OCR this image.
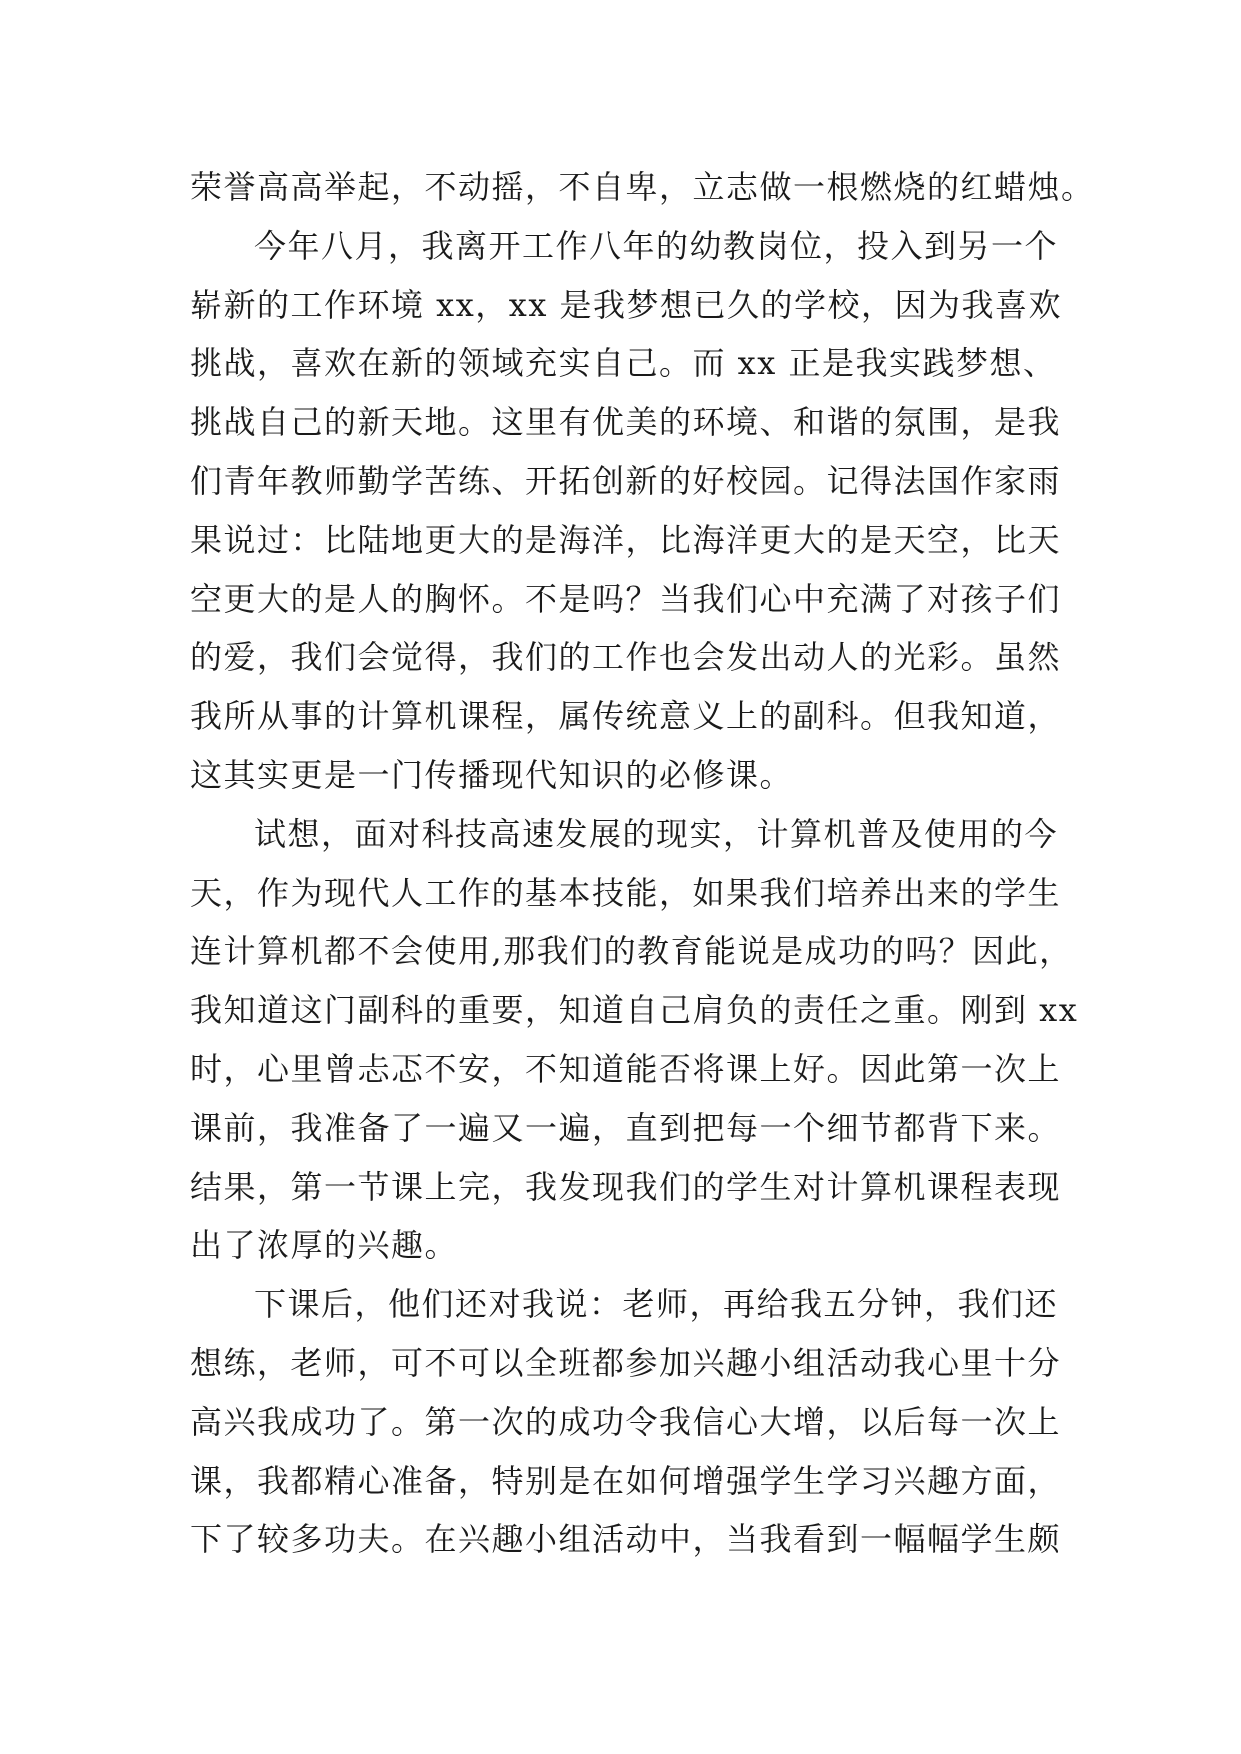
荣誉高高举起，不动摇，不自卑，立志做一根燃烧的红蜡烛。

今年八月，我离开工作八年的幼教岗位，投入到另一个

崭新的工作环境 xx，xx 是我梦想已久的学校，因为我喜欢

挑战，喜欢在新的领域充实自己。而 xx 正是我实践梦想、

挑战自己的新天地。这里有优美的环境、和谐的氛围，是我

们青年教师勤学苦练、开拓创新的好校园。记得法国作家雨

果说过：比陆地更大的是海洋，比海洋更大的是天空，比天

空更大的是人的胸怀。不是吗？当我们心中充满了对孩子们

的爱，我们会觉得，我们的工作也会发出动人的光彩。虽然

我所从事的计算机课程，属传统意义上的副科。但我知道，

这其实更是一门传播现代知识的必修课。

试想，面对科技高速发展的现实，计算机普及使用的今

天，作为现代人工作的基本技能，如果我们培养出来的学生

连计算机都不会使用,那我们的教育能说是成功的吗？因此，

我知道这门副科的重要，知道自己肩负的责任之重。刚到 xx

时，心里曾忐忑不安，不知道能否将课上好。因此第一次上

课前，我准备了一遍又一遍，直到把每一个细节都背下来。

结果，第一节课上完，我发现我们的学生对计算机课程表现

出了浓厚的兴趣。

下课后，他们还对我说：老师，再给我五分钟，我们还

想练，老师，可不可以全班都参加兴趣小组活动我心里十分

高兴我成功了。第一次的成功令我信心大增，以后每一次上

课，我都精心准备，特别是在如何增强学生学习兴趣方面，

下了较多功夫。在兴趣小组活动中，当我看到一幅幅学生颇
